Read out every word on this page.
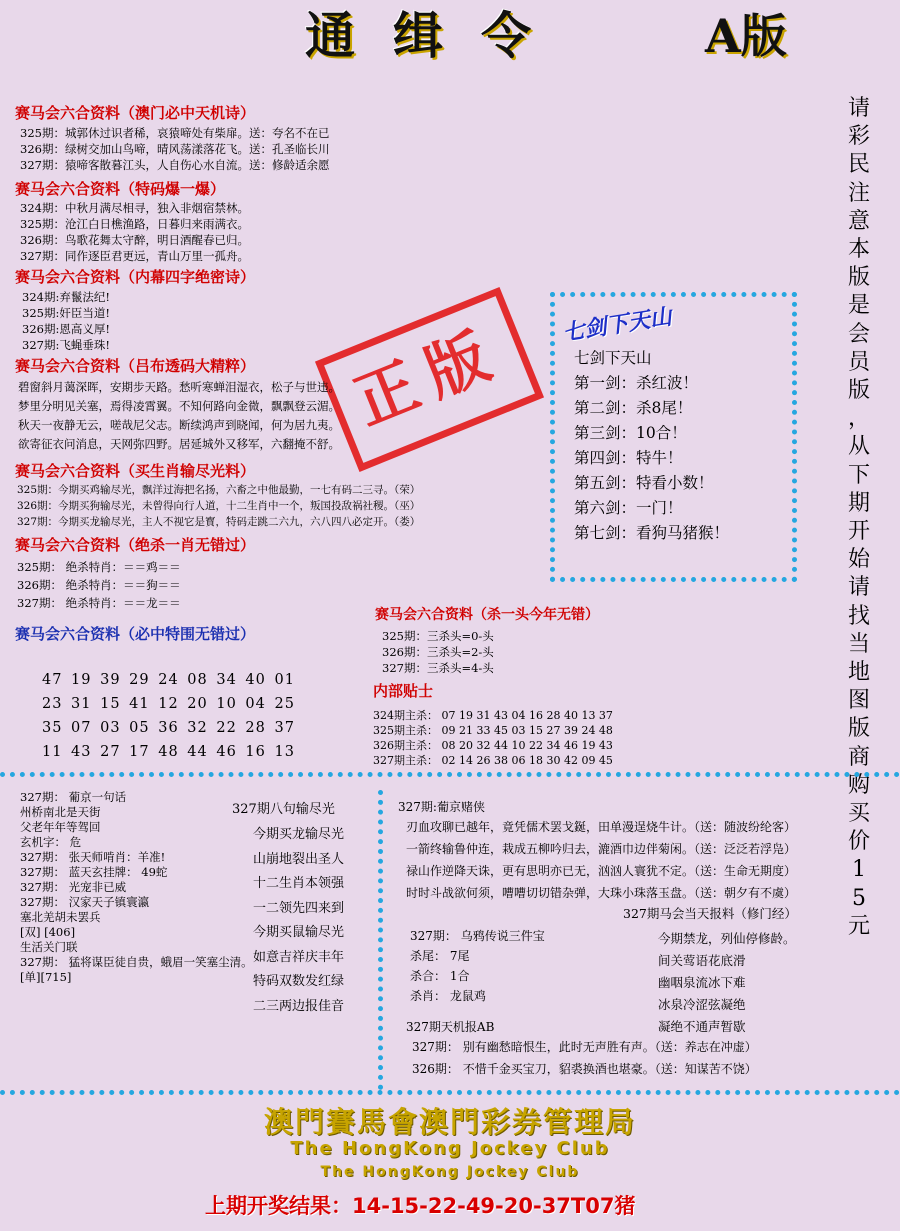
通缉令	A版
请
彩
民
注
意
本
版
是
会
员
版
，
从
下
期
开
始
请
找
当
地
图
版
商
购
买
价
1
5
元
赛马会六合资料（澳门必中天机诗）
325期：城郭休过识者稀，哀猿啼处有柴扉。送：夸名不在已
326期：绿树交加山鸟啼，晴风荡漾落花飞。送：孔圣临长川
327期：猿啼客散暮江头，人自伤心水自流。送：修龄适余愿
赛马会六合资料（特码爆一爆）
324期：中秋月满尽相寻，独入非烟宿禁林。
325期：沧江白日樵渔路，日暮归来雨满衣。
326期：鸟歌花舞太守醉，明日酒醒春已归。
327期：同作逐臣君更远，青山万里一孤舟。
赛马会六合资料（内幕四字绝密诗）
324期:弃鬣法纪!
325期:奸臣当道!
326期:恩高义厚!
327期:飞蝇垂珠!	正版
赛马会六合资料（吕布透码大精粹）
碧窗斜月蔼深晖，安期步天路。愁听寒蝉泪湿衣，松子与世违。
梦里分明见关塞，焉得凌霄翼。不知何路向金微，飘飘登云湄。
秋天一夜静无云，嗟哉尼父志。断续鸿声到晓闻，何为居九夷。
欲寄征衣问消息，天网弥四野。居延城外又移军，六翻掩不舒。
赛马会六合资料（买生肖输尽光料）
325期：今期买鸡输尽光，飘洋过海把名扬，六畜之中他最勤，一七有码二三寻。（荣）
326期：今期买狗输尽光，未曾得向行人道，十二生肖中一个，叛国投敌祸社稷。（巫）
327期：今期买龙输尽光，主人不视它是寳，特码走跳二六九，六八四八必定开。（娄）
赛马会六合资料（绝杀一肖无错过）
325期： 绝杀特肖：＝＝鸡＝＝
326期： 绝杀特肖：＝＝狗＝＝
327期： 绝杀特肖：＝＝龙＝＝
赛马会六合资料（必中特围无错过）
47 19 39 29 24 08 34 40 01
23 31 15 41 12 20 10 04 25
35 07 03 05 36 32 22 28 37
11 43 27 17 48 44 46 16 13
七剑下天山
七剑下天山
第一剑：杀红波！
第二剑：杀8尾！
第三剑：10合！
第四剑：特牛！
第五剑：特看小数！
第六剑：一门！
第七剑：看狗马猪猴！
赛马会六合资料（杀一头今年无错）
325期：三杀头=0-头
326期：三杀头=2-头
327期：三杀头=4-头
内部贴士
324期主杀： 07 19 31 43 04 16 28 40 13 37
325期主杀： 09 21 33 45 03 15 27 39 24 48
326期主杀： 08 20 32 44 10 22 34 46 19 43
327期主杀： 02 14 26 38 06 18 30 42 09 45
327期： 葡京一句话
州桥南北是天街
父老年年等驾回
玄机字： 危
327期： 张天师啃肖：羊准!
327期： 蓝天玄挂牌： 49蛇
327期： 光宠非已威
327期： 汉家天子镇寰瀛
塞北羌胡未罢兵
[双] [406]
生活关门联
327期： 猛将谋臣徒自贵，蛾眉一笑塞尘清。
[单][715]
327期八句输尽光
今期买龙输尽光
山崩地裂出圣人
十二生肖本领强
一二领先四来到
今期买鼠输尽光
如意吉祥庆丰年
特码双数发红绿
二三两边报佳音
327期:葡京赌侠
刃血攻聊已越年，竟凭儒术罢戈鋋，田单漫逞烧牛计。（送：随波纷纶客）
一箭终输鲁仲连，栽成五柳吟归去，漉酒巾边伴菊闲。（送：泛泛若浮凫）
禄山作逆降天诛，更有思明亦已无，汹汹人寰犹不定。（送：生命无期度）
时时斗战欲何须，嘈嘈切切错杂弹，大珠小珠落玉盘。（送：朝夕有不虞）
327期马会当天报料（修门经）
327期： 乌鸦传说三件宝
杀尾： 7尾
杀合： 1合
杀肖： 龙鼠鸡
今期禁龙，列仙停修龄。
间关莺语花底滑
幽咽泉流冰下难
冰泉冷涩弦凝绝
凝绝不通声暂歇
327期天机报AB
327期： 别有幽愁暗恨生，此时无声胜有声。（送：养志在冲虚）
326期： 不惜千金买宝刀，貂裘换酒也堪豪。（送：知谋苦不饶）
澳門賽馬會澳門彩券管理局
The HongKong Jockey Club
The HongKong Jockey Club
上期开奖结果：14-15-22-49-20-37T07猪
